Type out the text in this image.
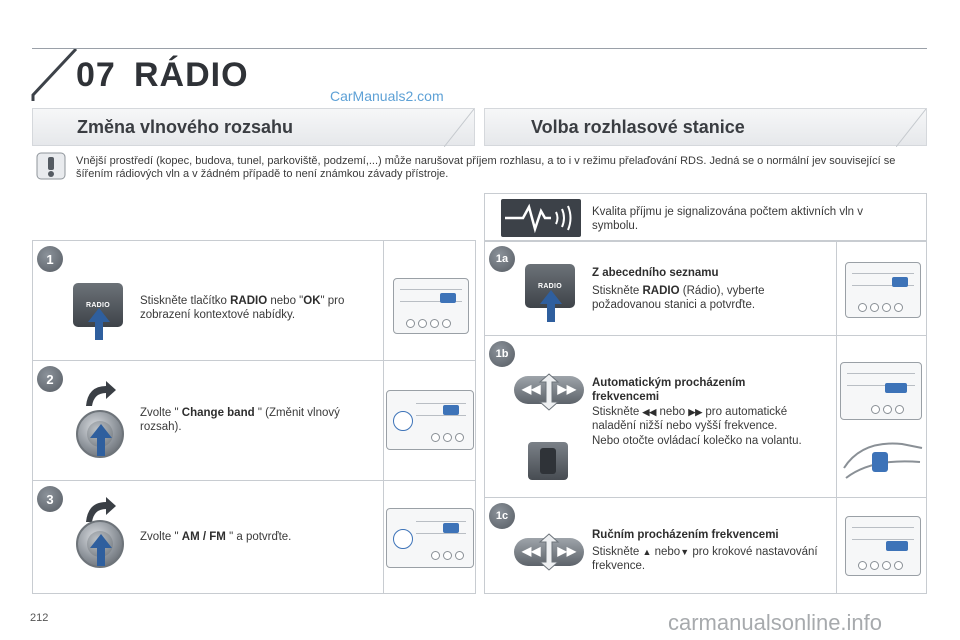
07 RÁDIO
CarManuals2.com
Změna vlnového rozsahu	Volba rozhlasové stanice
Vnější prostředí (kopec, budova, tunel, parkoviště, podzemí,...) může narušovat příjem rozhlasu, a to i v režimu přelaďování RDS. Jedná se o normální jev související se šířením rádiových vln a v žádném případě to není známkou závady přístroje.
1
RADIO	Stiskněte tlačítko RADIO nebo "OK" pro zobrazení kontextové nabídky.
2
Zvolte " Change band " (Změnit vlnový rozsah).
3
Zvolte " AM / FM " a potvrďte.
Kvalita příjmu je signalizována počtem aktivních vln v symbolu.
1a
RADIO
Z abecedního seznamu
Stiskněte RADIO (Rádio), vyberte požadovanou stanici a potvrďte.
1b
◀◀ ▶▶ Automatickým procházením frekvencemi
Stiskněte ◀◀ nebo ▶▶ pro automatické naladění nižší nebo vyšší frekvence.
Nebo otočte ovládací kolečko na volantu.
1c
◀◀ ▶▶
Ručním procházením frekvencemi
Stiskněte ▲ nebo▼ pro krokové nastavování frekvence.
212	carmanualsonline.info
